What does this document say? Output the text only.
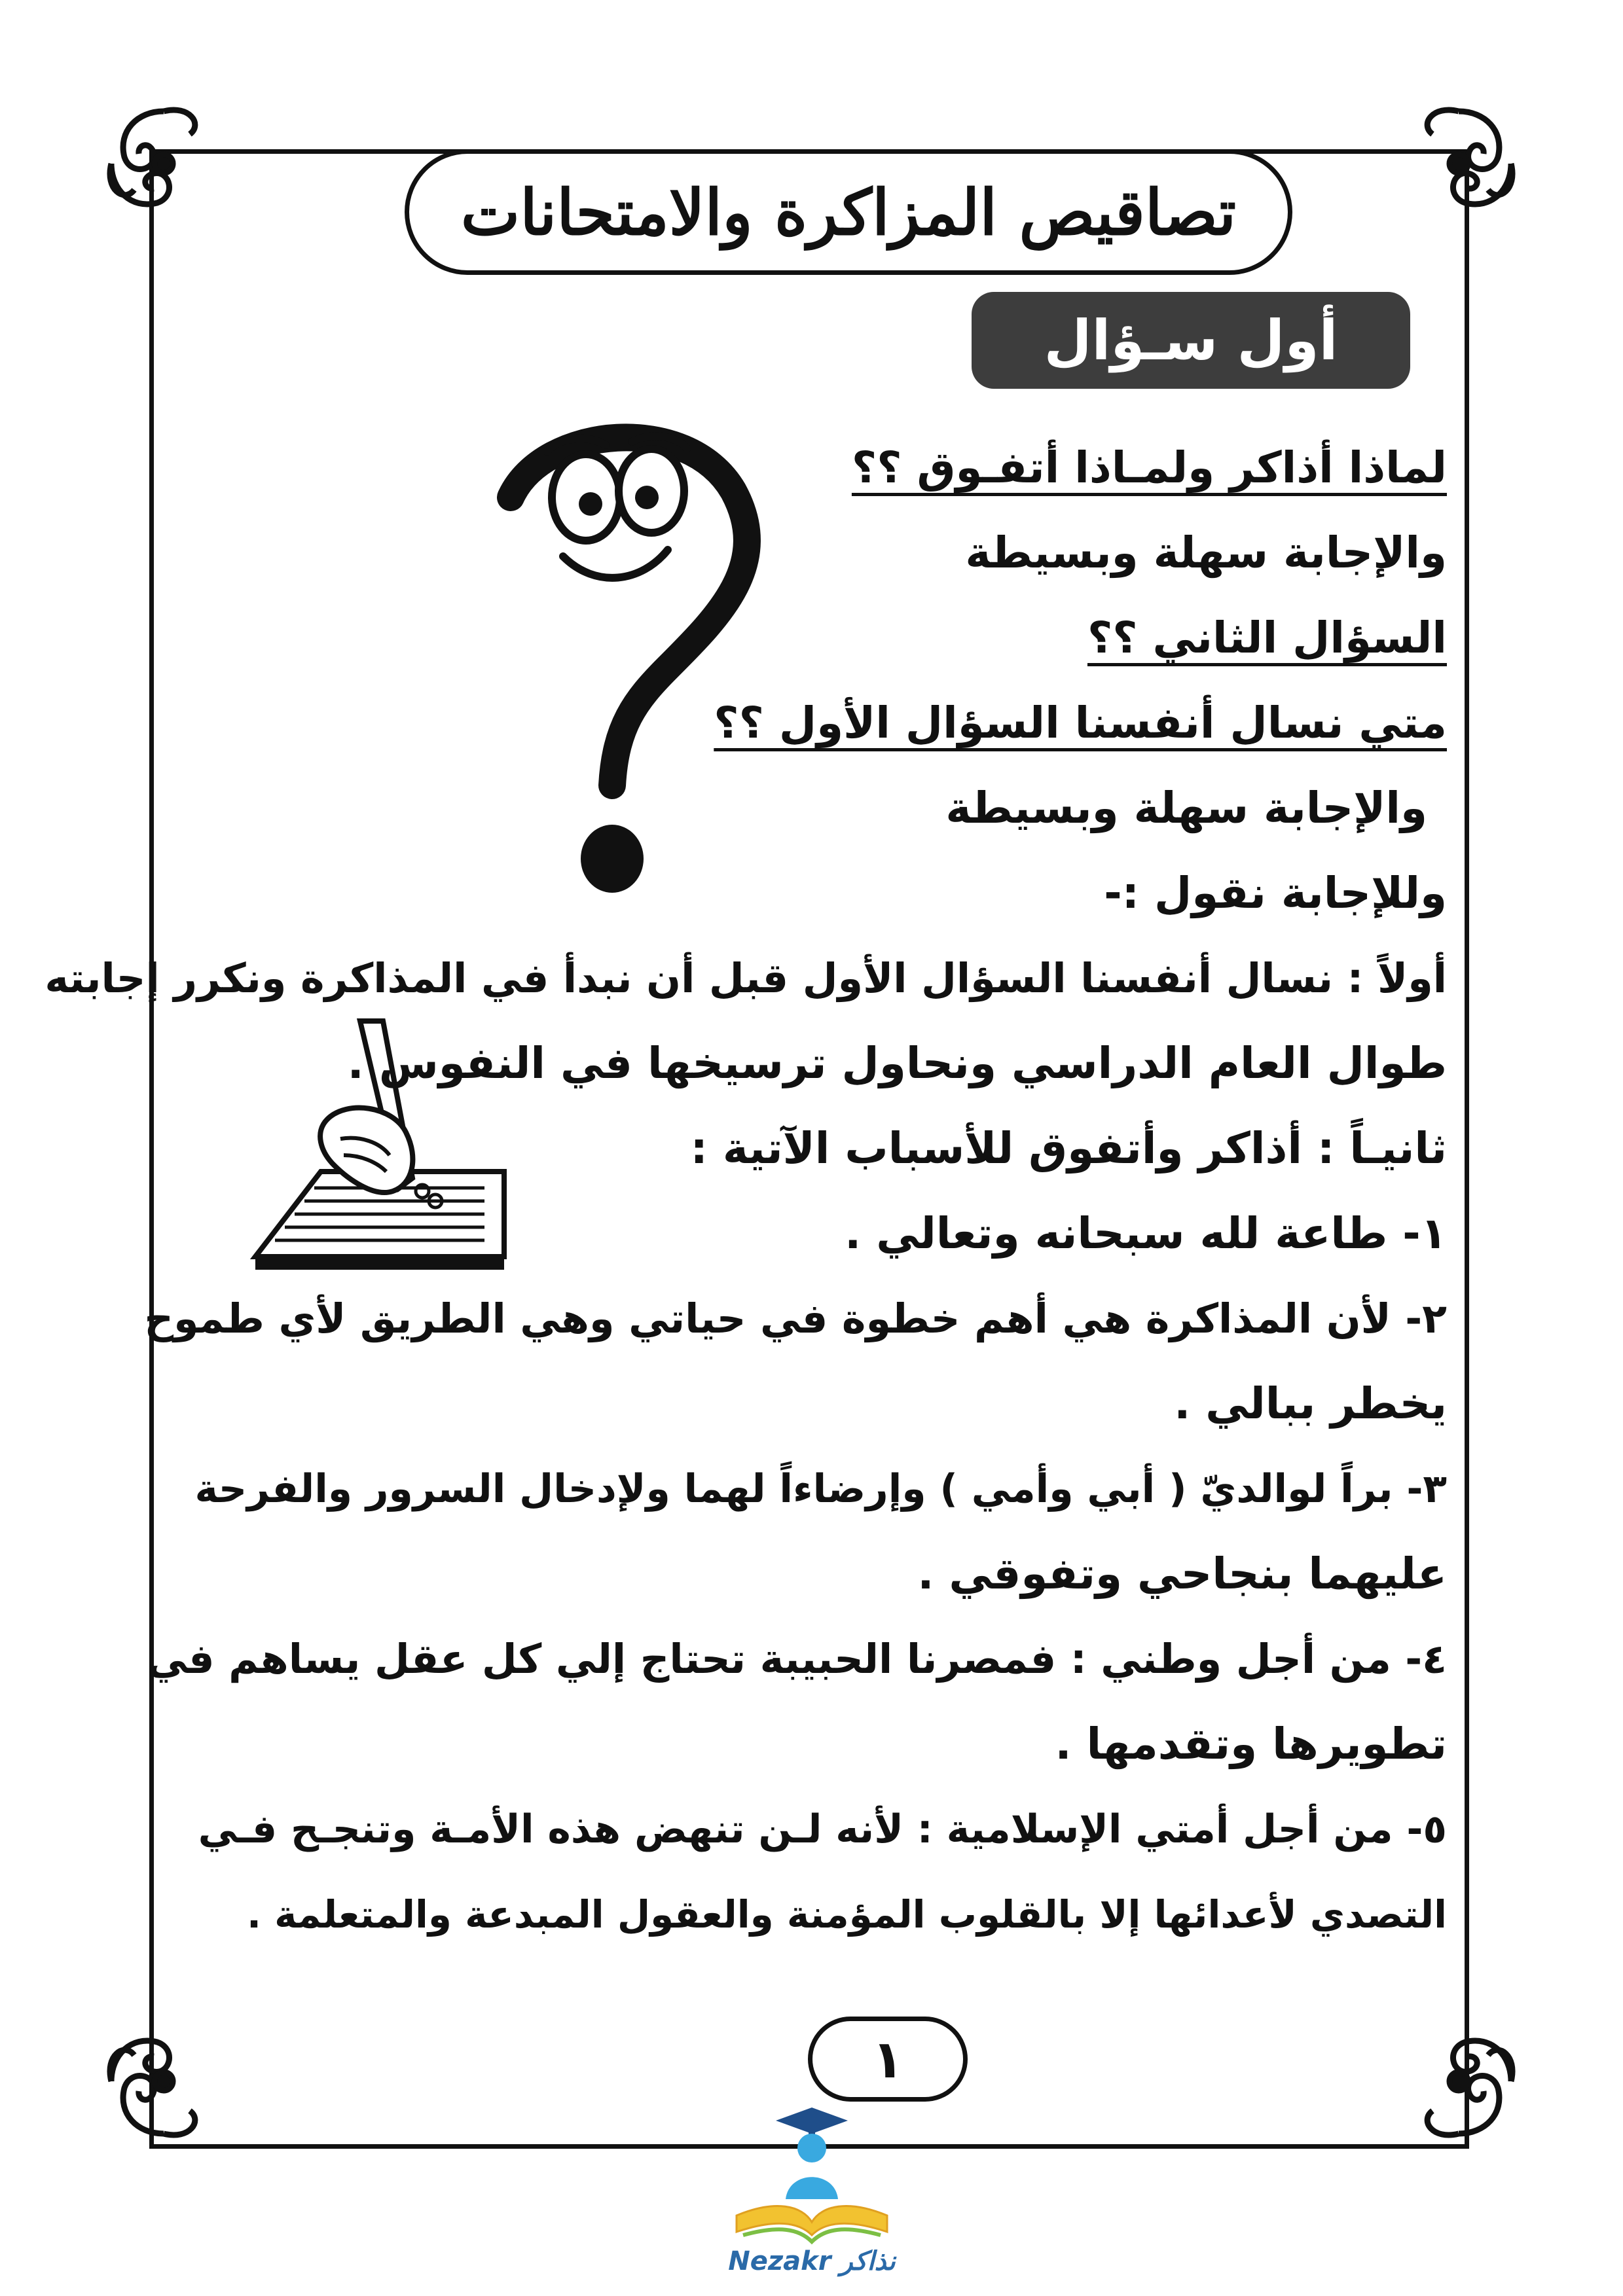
تصاقيص المزاكرة والامتحانات
أول سـؤال
لماذا أذاكر ولمـاذا أتفـوق ؟؟
والإجابة سهلة وبسيطة
السؤال الثاني ؟؟
متي نسال أنفسنا السؤال الأول ؟؟
والإجابة سهلة وبسيطة
وللإجابة نقول :-
أولاً : نسال أنفسنا السؤال الأول قبل أن نبدأ في المذاكرة ونكرر إجابته
طوال العام الدراسي ونحاول ترسيخها في النفوس .
ثانيـاً : أذاكر وأتفوق للأسباب الآتية :
١- طاعة لله سبحانه وتعالي .
٢- لأن المذاكرة هي أهم خطوة في حياتي وهي الطريق لأي طموح
يخطر ببالي .
٣- براً لوالديّ ( أبي وأمي ) وإرضاءاً لهما ولإدخال السرور والفرحة
عليهما بنجاحي وتفوقي .
٤- من أجل وطني : فمصرنا الحبيبة تحتاج إلي كل عقل يساهم في
تطويرها وتقدمها .
٥- من أجل أمتي الإسلامية : لأنه لـن تنهض هذه الأمـة وتنجـح فـي
التصدي لأعدائها إلا بالقلوب المؤمنة والعقول المبدعة والمتعلمة .
١
Nezakr نذاكر
